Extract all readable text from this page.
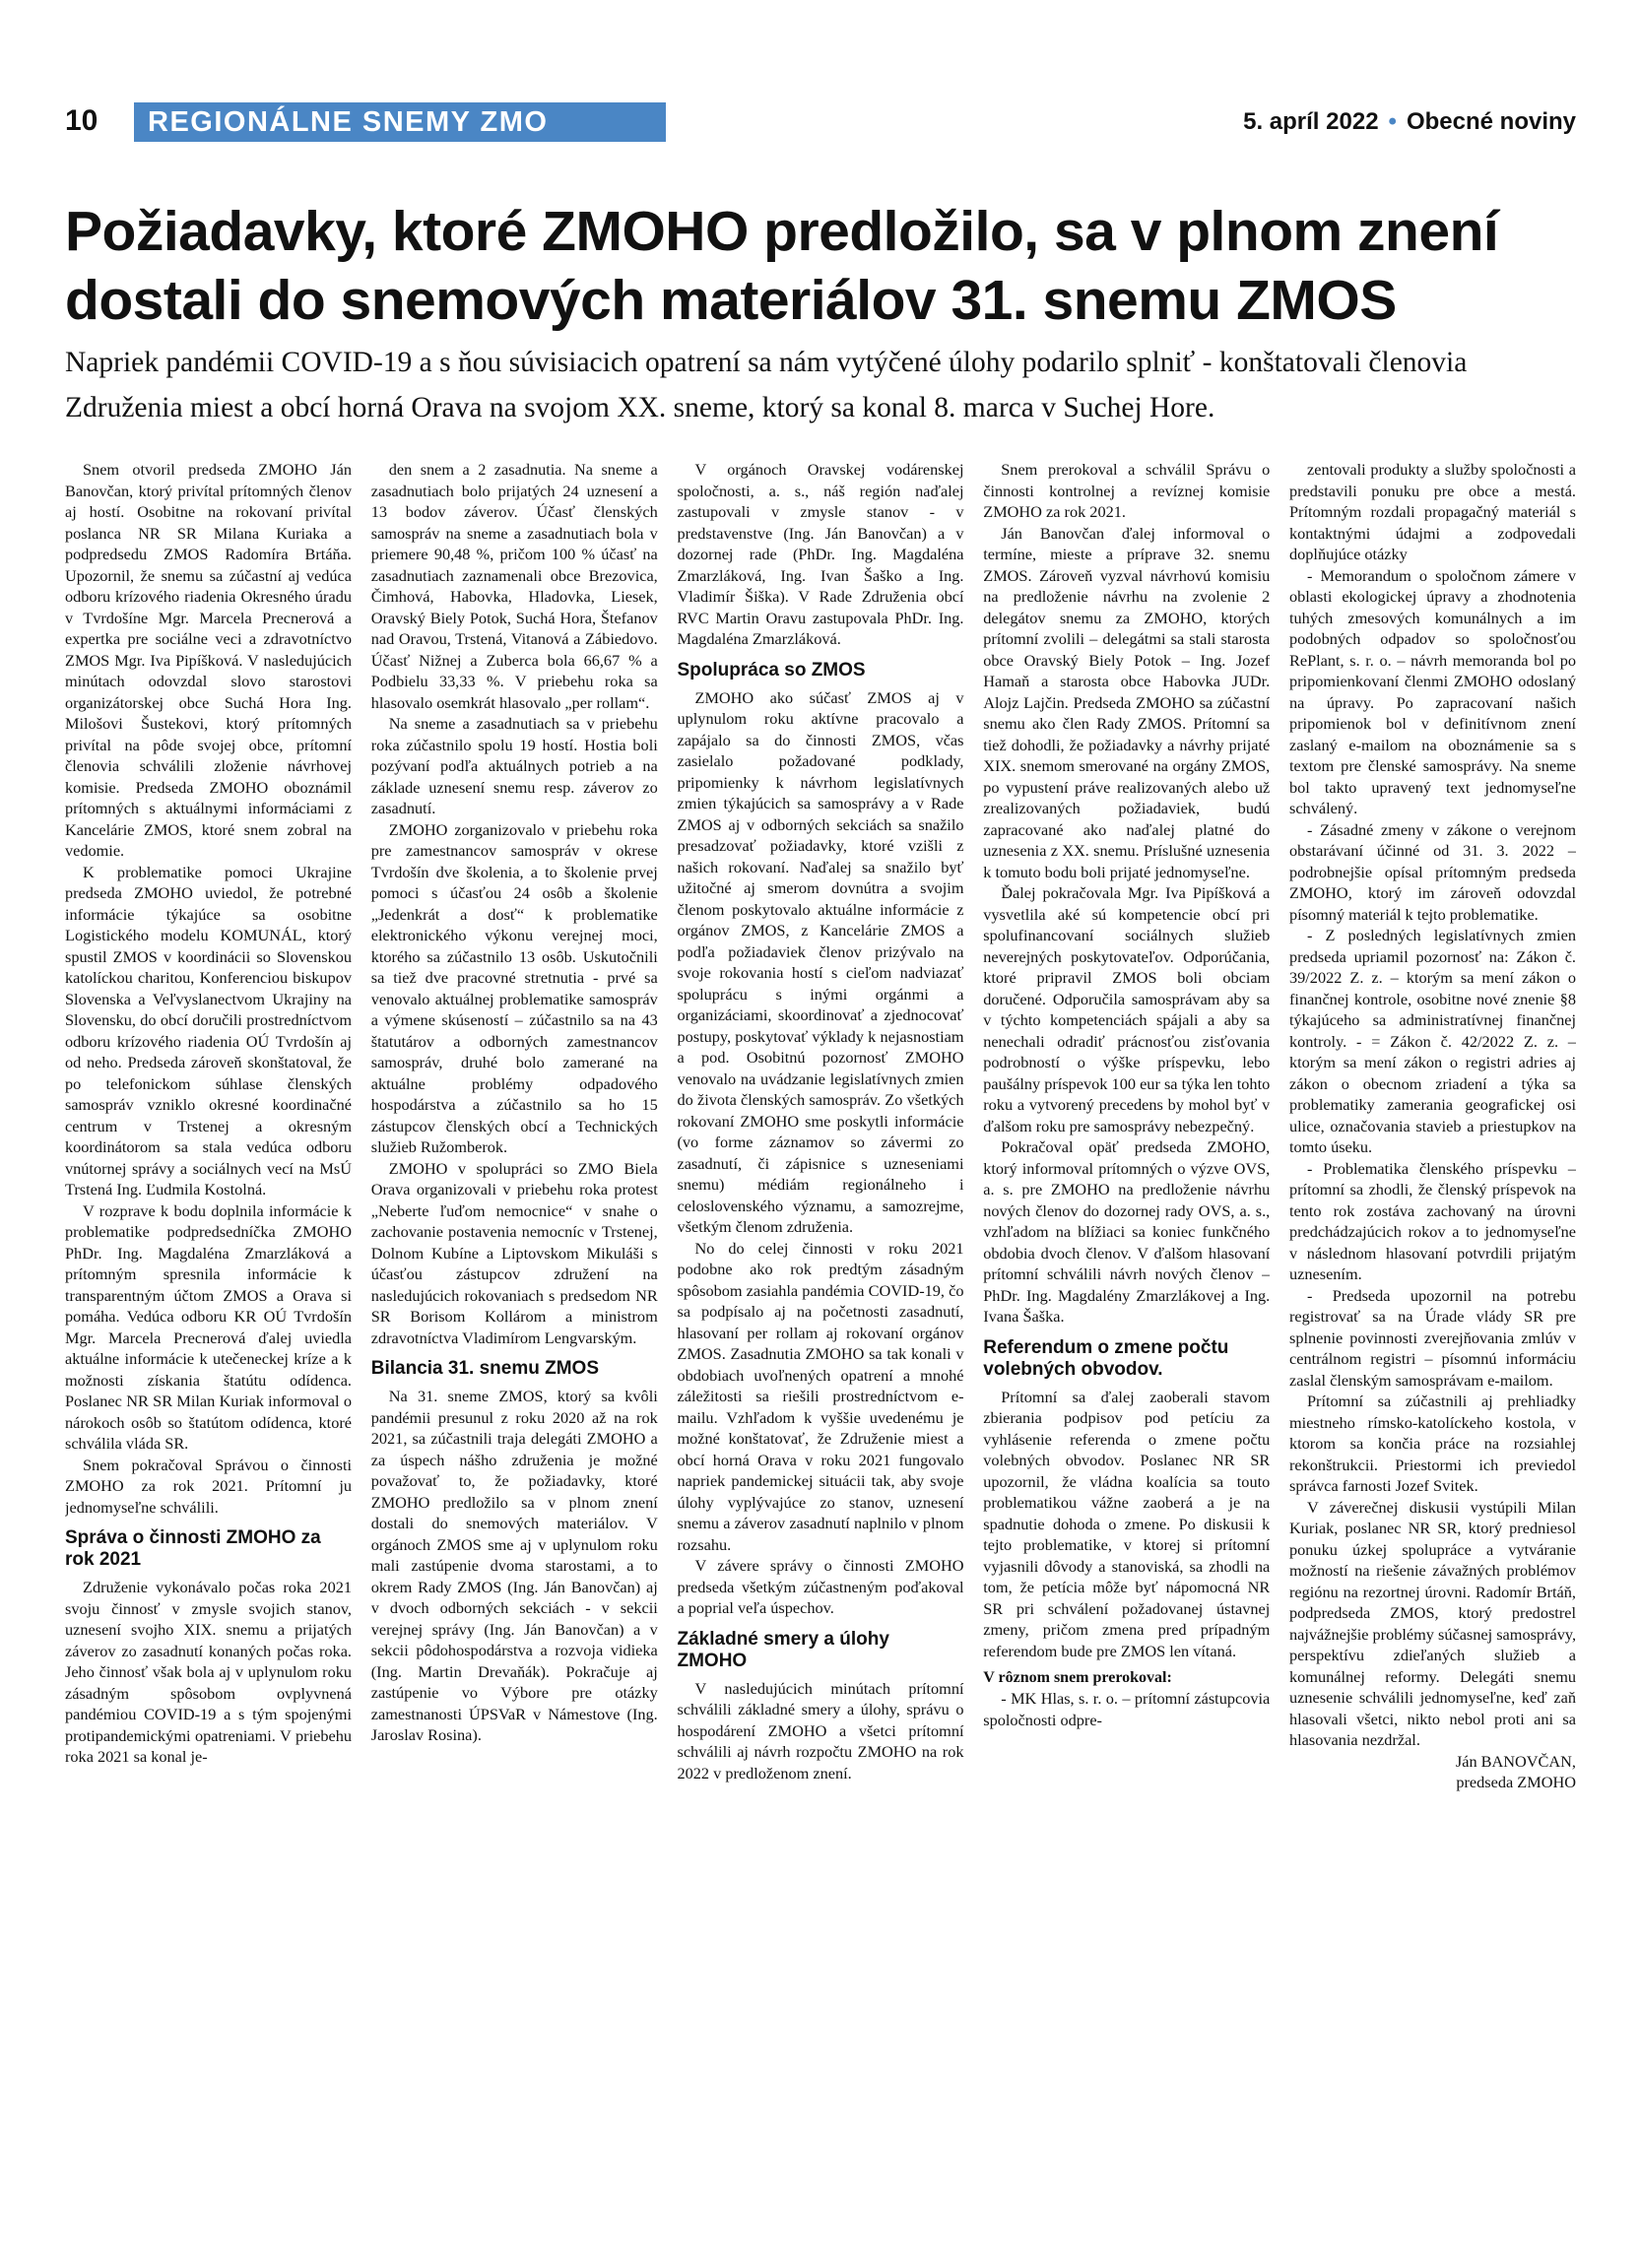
10	REGIONÁLNE SNEMY ZMO	5. apríl 2022 • Obecné noviny
Požiadavky, ktoré ZMOHO predložilo, sa v plnom znení dostali do snemových materiálov 31. snemu ZMOS

Napriek pandémii COVID-19 a s ňou súvisiacich opatrení sa nám vytýčené úlohy podarilo splniť - konštatovali členovia Združenia miest a obcí horná Orava na svojom XX. sneme, ktorý sa konal 8. marca v Suchej Hore.

Snem otvoril predseda ZMOHO Ján Banovčan, ktorý privítal prítomných členov aj hostí. Osobitne na rokovaní privítal poslanca NR SR Milana Kuriaka a podpredsedu ZMOS Radomíra Brtáňa. Upozornil, že snemu sa zúčastní aj vedúca odboru krízového riadenia Okresného úradu v Tvrdošíne Mgr. Marcela Precnerová a expertka pre sociálne veci a zdravotníctvo ZMOS Mgr. Iva Pipíšková. V nasledujúcich minútach odovzdal slovo starostovi organizátorskej obce Suchá Hora Ing. Milošovi Šustekovi, ktorý prítomných privítal na pôde svojej obce, prítomní členovia schválili zloženie návrhovej komisie. Predseda ZMOHO oboznámil prítomných s aktuálnymi informáciami z Kancelárie ZMOS, ktoré snem zobral na vedomie.

K problematike pomoci Ukrajine predseda ZMOHO uviedol, že potrebné informácie týkajúce sa osobitne Logistického modelu KOMUNÁL, ktorý spustil ZMOS v koordinácii so Slovenskou katolíckou charitou, Konferenciou biskupov Slovenska a Veľvyslanectvom Ukrajiny na Slovensku, do obcí doručili prostredníctvom odboru krízového riadenia OÚ Tvrdošín aj od neho. Predseda zároveň skonštatoval, že po telefonickom súhlase členských samospráv vzniklo okresné koordinačné centrum v Trstenej a okresným koordinátorom sa stala vedúca odboru vnútornej správy a sociálnych vecí na MsÚ Trstená Ing. Ľudmila Kostolná.

V rozprave k bodu doplnila informácie k problematike podpredsedníčka ZMOHO PhDr. Ing. Magdaléna Zmarzláková a prítomným spresnila informácie k transparentným účtom ZMOS a Orava si pomáha. Vedúca odboru KR OÚ Tvrdošín Mgr. Marcela Precnerová ďalej uviedla aktuálne informácie k utečeneckej kríze a k možnosti získania štatútu odídenca. Poslanec NR SR Milan Kuriak informoval o nárokoch osôb so štatútom odídenca, ktoré schválila vláda SR.

Snem pokračoval Správou o činnosti ZMOHO za rok 2021. Prítomní ju jednomyseľne schválili.

Správa o činnosti ZMOHO za rok 2021

Združenie vykonávalo počas roka 2021 svoju činnosť v zmysle svojich stanov, uznesení svojho XIX. snemu a prijatých záverov zo zasadnutí konaných počas roka. Jeho činnosť však bola aj v uplynulom roku zásadným spôsobom ovplyvnená pandémiou COVID-19 a s tým spojenými protipandemickými opatreniami. V priebehu roka 2021 sa konal je-

den snem a 2 zasadnutia. Na sneme a zasadnutiach bolo prijatých 24 uznesení a 13 bodov záverov. Účasť členských samospráv na sneme a zasadnutiach bola v priemere 90,48 %, pričom 100 % účasť na zasadnutiach zaznamenali obce Brezovica, Čimhová, Habovka, Hladovka, Liesek, Oravský Biely Potok, Suchá Hora, Štefanov nad Oravou, Trstená, Vitanová a Zábiedovo. Účasť Nižnej a Zuberca bola 66,67 % a Podbielu 33,33 %. V priebehu roka sa hlasovalo osemkrát hlasovalo „per rollam“.

Na sneme a zasadnutiach sa v priebehu roka zúčastnilo spolu 19 hostí. Hostia boli pozývaní podľa aktuálnych potrieb a na základe uznesení snemu resp. záverov zo zasadnutí.

ZMOHO zorganizovalo v priebehu roka pre zamestnancov samospráv v okrese Tvrdošín dve školenia, a to školenie prvej pomoci s účasťou 24 osôb a školenie „Jedenkrát a dosť“ k problematike elektronického výkonu verejnej moci, ktorého sa zúčastnilo 13 osôb. Uskutočnili sa tiež dve pracovné stretnutia - prvé sa venovalo aktuálnej problematike samospráv a výmene skúseností – zúčastnilo sa na 43 štatutárov a odborných zamestnancov samospráv, druhé bolo zamerané na aktuálne problémy odpadového hospodárstva a zúčastnilo sa ho 15 zástupcov členských obcí a Technických služieb Ružomberok.

ZMOHO v spolupráci so ZMO Biela Orava organizovali v priebehu roka protest „Neberte ľuďom nemocnice“ v snahe o zachovanie postavenia nemocníc v Trstenej, Dolnom Kubíne a Liptovskom Mikuláši s účasťou zástupcov združení na nasledujúcich rokovaniach s predsedom NR SR Borisom Kollárom a ministrom zdravotníctva Vladimírom Lengvarským.

Bilancia 31. snemu ZMOS

Na 31. sneme ZMOS, ktorý sa kvôli pandémii presunul z roku 2020 až na rok 2021, sa zúčastnili traja delegáti ZMOHO a za úspech nášho združenia je možné považovať to, že požiadavky, ktoré ZMOHO predložilo sa v plnom znení dostali do snemových materiálov. V orgánoch ZMOS sme aj v uplynulom roku mali zastúpenie dvoma starostami, a to okrem Rady ZMOS (Ing. Ján Banovčan) aj v dvoch odborných sekciách - v sekcii verejnej správy (Ing. Ján Banovčan) a v sekcii pôdohospodárstva a rozvoja vidieka (Ing. Martin Drevaňák). Pokračuje aj zastúpenie vo Výbore pre otázky zamestnanosti ÚPSVaR v Námestove (Ing. Jaroslav Rosina).

V orgánoch Oravskej vodárenskej spoločnosti, a. s., náš región naďalej zastupovali v zmysle stanov - v predstavenstve (Ing. Ján Banovčan) a v dozornej rade (PhDr. Ing. Magdaléna Zmarzláková, Ing. Ivan Šaško a Ing. Vladimír Šiška). V Rade Združenia obcí RVC Martin Oravu zastupovala PhDr. Ing. Magdaléna Zmarzláková.

Spolupráca so ZMOS

ZMOHO ako súčasť ZMOS aj v uplynulom roku aktívne pracovalo a zapájalo sa do činnosti ZMOS, včas zasielalo požadované podklady, pripomienky k návrhom legislatívnych zmien týkajúcich sa samosprávy a v Rade ZMOS aj v odborných sekciách sa snažilo presadzovať požiadavky, ktoré vzišli z našich rokovaní. Naďalej sa snažilo byť užitočné aj smerom dovnútra a svojim členom poskytovalo aktuálne informácie z orgánov ZMOS, z Kancelárie ZMOS a podľa požiadaviek členov prizývalo na svoje rokovania hostí s cieľom nadviazať spoluprácu s inými orgánmi a organizáciami, skoordinovať a zjednocovať postupy, poskytovať výklady k nejasnostiam a pod. Osobitnú pozornosť ZMOHO venovalo na uvádzanie legislatívnych zmien do života členských samospráv. Zo všetkých rokovaní ZMOHO sme poskytli informácie (vo forme záznamov so závermi zo zasadnutí, či zápisnice s uzneseniami snemu) médiám regionálneho i celoslovenského významu, a samozrejme, všetkým členom združenia.

No do celej činnosti v roku 2021 podobne ako rok predtým zásadným spôsobom zasiahla pandémia COVID-19, čo sa podpísalo aj na početnosti zasadnutí, hlasovaní per rollam aj rokovaní orgánov ZMOS. Zasadnutia ZMOHO sa tak konali v obdobiach uvoľnených opatrení a mnohé záležitosti sa riešili prostredníctvom e-mailu. Vzhľadom k vyššie uvedenému je možné konštatovať, že Združenie miest a obcí horná Orava v roku 2021 fungovalo napriek pandemickej situácii tak, aby svoje úlohy vyplývajúce zo stanov, uznesení snemu a záverov zasadnutí naplnilo v plnom rozsahu.

V závere správy o činnosti ZMOHO predseda všetkým zúčastneným poďakoval a poprial veľa úspechov.

Základné smery a úlohy ZMOHO

V nasledujúcich minútach prítomní schválili základné smery a úlohy, správu o hospodárení ZMOHO a všetci prítomní schválili aj návrh rozpočtu ZMOHO na rok 2022 v predloženom znení.

Snem prerokoval a schválil Správu o činnosti kontrolnej a revíznej komisie ZMOHO za rok 2021.

Ján Banovčan ďalej informoval o termíne, mieste a príprave 32. snemu ZMOS. Zároveň vyzval návrhovú komisiu na predloženie návrhu na zvolenie 2 delegátov snemu za ZMOHO, ktorých prítomní zvolili – delegátmi sa stali starosta obce Oravský Biely Potok – Ing. Jozef Hamaň a starosta obce Habovka JUDr. Alojz Lajčin. Predseda ZMOHO sa zúčastní snemu ako člen Rady ZMOS. Prítomní sa tiež dohodli, že požiadavky a návrhy prijaté XIX. snemom smerované na orgány ZMOS, po vypustení práve realizovaných alebo už zrealizovaných požiadaviek, budú zapracované ako naďalej platné do uznesenia z XX. snemu. Príslušné uznesenia k tomuto bodu boli prijaté jednomyseľne.

Ďalej pokračovala Mgr. Iva Pipíšková a vysvetlila aké sú kompetencie obcí pri spolufinancovaní sociálnych služieb neverejných poskytovateľov. Odporúčania, ktoré pripravil ZMOS boli obciam doručené. Odporučila samosprávam aby sa v týchto kompetenciách spájali a aby sa nenechali odradiť prácnosťou zisťovania podrobností o výške príspevku, lebo paušálny príspevok 100 eur sa týka len tohto roku a vytvorený precedens by mohol byť v ďalšom roku pre samosprávy nebezpečný.

Pokračoval opäť predseda ZMOHO, ktorý informoval prítomných o výzve OVS, a. s. pre ZMOHO na predloženie návrhu nových členov do dozornej rady OVS, a. s., vzhľadom na blížiaci sa koniec funkčného obdobia dvoch členov. V ďalšom hlasovaní prítomní schválili návrh nových členov – PhDr. Ing. Magdalény Zmarzlákovej a Ing. Ivana Šaška.

Referendum o zmene počtu volebných obvodov.

Prítomní sa ďalej zaoberali stavom zbierania podpisov pod petíciu za vyhlásenie referenda o zmene počtu volebných obvodov. Poslanec NR SR upozornil, že vládna koalícia sa touto problematikou vážne zaoberá a je na spadnutie dohoda o zmene. Po diskusii k tejto problematike, v ktorej si prítomní vyjasnili dôvody a stanoviská, sa zhodli na tom, že petícia môže byť nápomocná NR SR pri schválení požadovanej ústavnej zmeny, pričom zmena pred prípadným referendom bude pre ZMOS len vítaná.

V rôznom snem prerokoval:

- MK Hlas, s. r. o. – prítomní zástupcovia spoločnosti odpre-

zentovali produkty a služby spoločnosti a predstavili ponuku pre obce a mestá. Prítomným rozdali propagačný materiál s kontaktnými údajmi a zodpovedali doplňujúce otázky

- Memorandum o spoločnom zámere v oblasti ekologickej úpravy a zhodnotenia tuhých zmesových komunálnych a im podobných odpadov so spoločnosťou RePlant, s. r. o. – návrh memoranda bol po pripomienkovaní členmi ZMOHO odoslaný na úpravy. Po zapracovaní našich pripomienok bol v definitívnom znení zaslaný e-mailom na oboznámenie sa s textom pre členské samosprávy. Na sneme bol takto upravený text jednomyseľne schválený.

- Zásadné zmeny v zákone o verejnom obstarávaní účinné od 31. 3. 2022 – podrobnejšie opísal prítomným predseda ZMOHO, ktorý im zároveň odovzdal písomný materiál k tejto problematike.

- Z posledných legislatívnych zmien predseda upriamil pozornosť na: Zákon č. 39/2022 Z. z. – ktorým sa mení zákon o finančnej kontrole, osobitne nové znenie §8 týkajúceho sa administratívnej finančnej kontroly. - = Zákon č. 42/2022 Z. z. – ktorým sa mení zákon o registri adries aj zákon o obecnom zriadení a týka sa problematiky zamerania geografickej osi ulice, označovania stavieb a priestupkov na tomto úseku.

- Problematika členského príspevku – prítomní sa zhodli, že členský príspevok na tento rok zostáva zachovaný na úrovni predchádzajúcich rokov a to jednomyseľne v následnom hlasovaní potvrdili prijatým uznesením.

- Predseda upozornil na potrebu registrovať sa na Úrade vlády SR pre splnenie povinnosti zverejňovania zmlúv v centrálnom registri – písomnú informáciu zaslal členským samosprávam e-mailom.

Prítomní sa zúčastnili aj prehliadky miestneho rímsko-katolíckeho kostola, v ktorom sa končia práce na rozsiahlej rekonštrukcii. Priestormi ich previedol správca farnosti Jozef Svitek.

V záverečnej diskusii vystúpili Milan Kuriak, poslanec NR SR, ktorý predniesol ponuku úzkej spolupráce a vytváranie možností na riešenie závažných problémov regiónu na rezortnej úrovni. Radomír Brtáň, podpredseda ZMOS, ktorý predostrel najvážnejšie problémy súčasnej samosprávy, perspektívu zdieľaných služieb a komunálnej reformy. Delegáti snemu uznesenie schválili jednomyseľne, keď zaň hlasovali všetci, nikto nebol proti ani sa hlasovania nezdržal.

Ján BANOVČAN,
predseda ZMOHO
